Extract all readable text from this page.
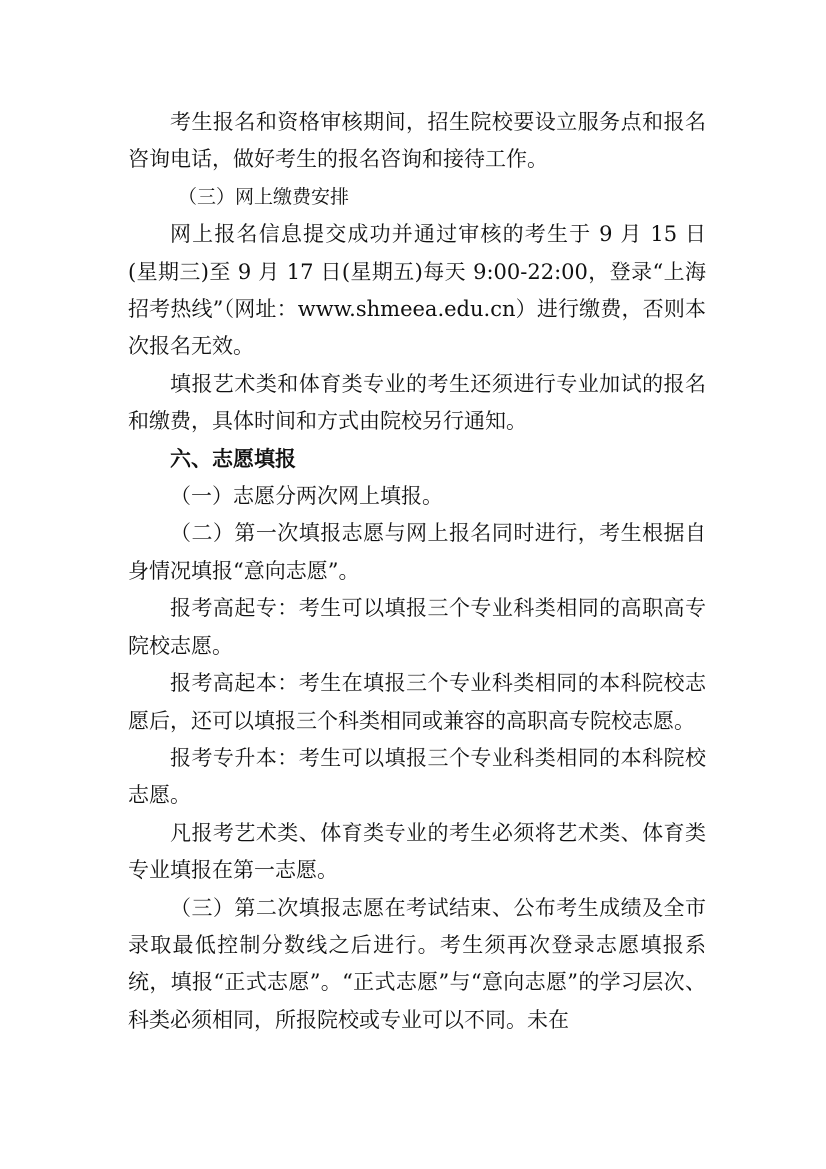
考生报名和资格审核期间，招生院校要设立服务点和报名咨询电话，做好考生的报名咨询和接待工作。

（三）网上缴费安排

网上报名信息提交成功并通过审核的考生于 9 月 15 日(星期三)至 9 月 17 日(星期五)每天 9:00-22:00，登录“上海招考热线”（网址：www.shmeea.edu.cn）进行缴费，否则本次报名无效。

填报艺术类和体育类专业的考生还须进行专业加试的报名和缴费，具体时间和方式由院校另行通知。

六、志愿填报

（一）志愿分两次网上填报。

（二）第一次填报志愿与网上报名同时进行，考生根据自身情况填报“意向志愿”。

报考高起专：考生可以填报三个专业科类相同的高职高专院校志愿。

报考高起本：考生在填报三个专业科类相同的本科院校志愿后，还可以填报三个科类相同或兼容的高职高专院校志愿。

报考专升本：考生可以填报三个专业科类相同的本科院校志愿。

凡报考艺术类、体育类专业的考生必须将艺术类、体育类专业填报在第一志愿。

（三）第二次填报志愿在考试结束、公布考生成绩及全市录取最低控制分数线之后进行。考生须再次登录志愿填报系统，填报“正式志愿”。“正式志愿”与“意向志愿”的学习层次、科类必须相同，所报院校或专业可以不同。未在
